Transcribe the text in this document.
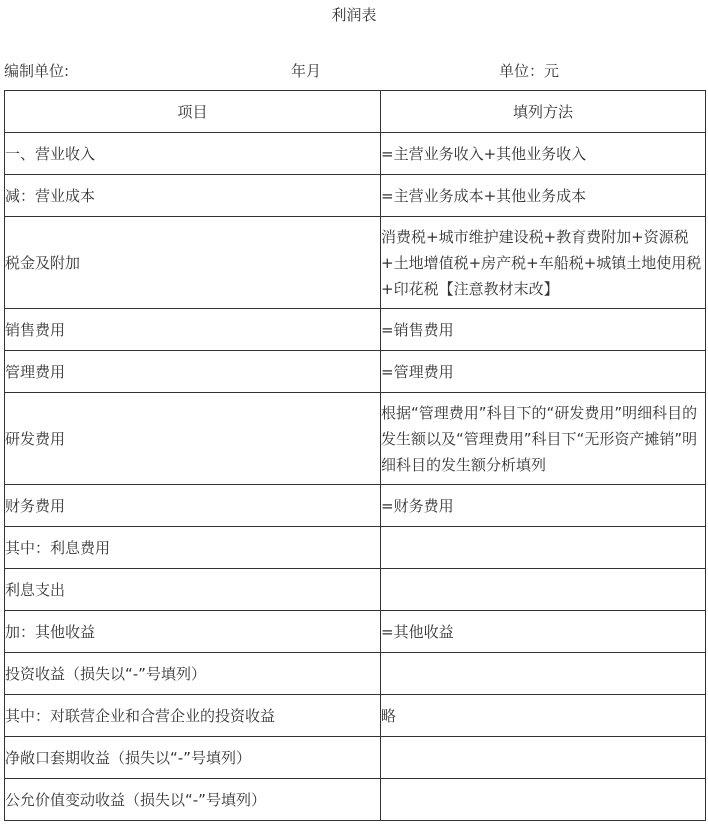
利润表
编制单位:	年月	单位：元
项目	填列方法
一、营业收入	=主营业务收入+其他业务收入
减：营业成本	=主营业务成本+其他业务成本
税金及附加	消费税+城市维护建设税+教育费附加+资源税+土地增值税+房产税+车船税+城镇土地使用税+印花税【注意教材末改】

销售费用	=销售费用
管理费用	=管理费用
研发费用	根据“管理费用”科目下的“研发费用”明细科目的发生额以及“管理费用”科目下“无形资产摊销”明细科目的发生额分析填列

财务费用	=财务费用
其中：利息费用	
利息支出	
加：其他收益	=其他收益
投资收益（损失以“-”号填列）	
其中：对联营企业和合营企业的投资收益	略
净敞口套期收益（损失以“-”号填列）	
公允价值变动收益（损失以“-”号填列）	
